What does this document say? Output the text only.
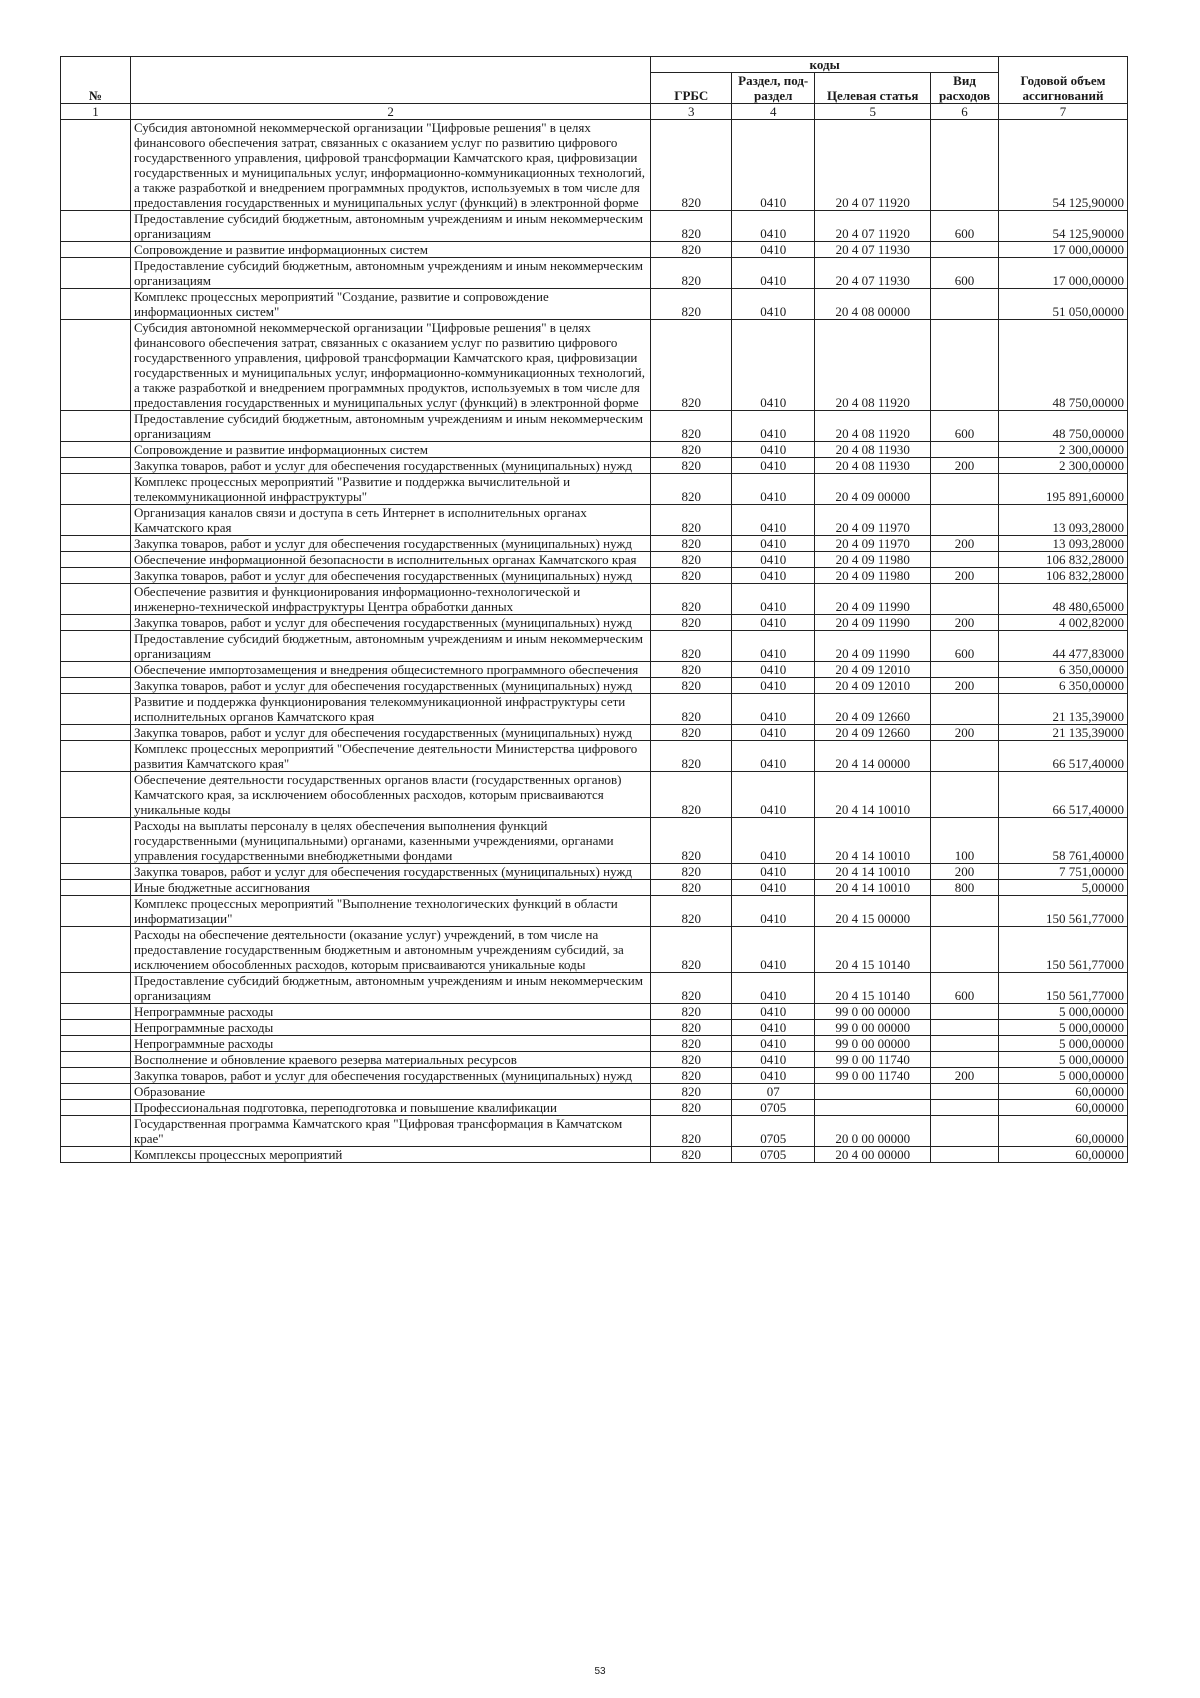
№		коды				Годовой объем ассигнований
		ГРБС	Раздел, под-раздел	Целевая статья	Вид расходов	
1	2	3	4	5	6	7
	Субсидия автономной некоммерческой организации "Цифровые решения" в целях финансового обеспечения затрат, связанных с оказанием услуг по развитию цифрового государственного управления, цифровой трансформации Камчатского края, цифровизации государственных и муниципальных услуг, информационно-коммуникационных технологий, а также разработкой и внедрением программных продуктов, используемых в том числе для предоставления государственных и муниципальных услуг (функций) в электронной форме	820	0410	20 4 07 11920		54 125,90000
	Предоставление субсидий бюджетным, автономным учреждениям и иным некоммерческим организациям	820	0410	20 4 07 11920	600	54 125,90000
	Сопровождение и развитие информационных систем	820	0410	20 4 07 11930		17 000,00000
	Предоставление субсидий бюджетным, автономным учреждениям и иным некоммерческим организациям	820	0410	20 4 07 11930	600	17 000,00000
	Комплекс процессных мероприятий "Создание, развитие и сопровождение информационных систем"	820	0410	20 4 08 00000		51 050,00000
	Субсидия автономной некоммерческой организации "Цифровые решения" в целях финансового обеспечения затрат, связанных с оказанием услуг по развитию цифрового государственного управления, цифровой трансформации Камчатского края, цифровизации государственных и муниципальных услуг, информационно-коммуникационных технологий, а также разработкой и внедрением программных продуктов, используемых в том числе для предоставления государственных и муниципальных услуг (функций) в электронной форме	820	0410	20 4 08 11920		48 750,00000
	Предоставление субсидий бюджетным, автономным учреждениям и иным некоммерческим организациям	820	0410	20 4 08 11920	600	48 750,00000
	Сопровождение и развитие информационных систем	820	0410	20 4 08 11930		2 300,00000
	Закупка товаров, работ и услуг для обеспечения государственных (муниципальных) нужд	820	0410	20 4 08 11930	200	2 300,00000
	Комплекс процессных мероприятий "Развитие и поддержка вычислительной и телекоммуникационной инфраструктуры"	820	0410	20 4 09 00000		195 891,60000
	Организация каналов связи и доступа в сеть Интернет в исполнительных органах Камчатского края	820	0410	20 4 09 11970		13 093,28000
	Закупка товаров, работ и услуг для обеспечения государственных (муниципальных) нужд	820	0410	20 4 09 11970	200	13 093,28000
	Обеспечение информационной безопасности в исполнительных органах Камчатского края	820	0410	20 4 09 11980		106 832,28000
	Закупка товаров, работ и услуг для обеспечения государственных (муниципальных) нужд	820	0410	20 4 09 11980	200	106 832,28000
	Обеспечение развития и функционирования информационно-технологической и инженерно-технической инфраструктуры Центра обработки данных	820	0410	20 4 09 11990		48 480,65000
	Закупка товаров, работ и услуг для обеспечения государственных (муниципальных) нужд	820	0410	20 4 09 11990	200	4 002,82000
	Предоставление субсидий бюджетным, автономным учреждениям и иным некоммерческим организациям	820	0410	20 4 09 11990	600	44 477,83000
	Обеспечение импортозамещения и внедрения общесистемного программного обеспечения	820	0410	20 4 09 12010		6 350,00000
	Закупка товаров, работ и услуг для обеспечения государственных (муниципальных) нужд	820	0410	20 4 09 12010	200	6 350,00000
	Развитие и поддержка функционирования телекоммуникационной инфраструктуры сети исполнительных органов Камчатского края	820	0410	20 4 09 12660		21 135,39000
	Закупка товаров, работ и услуг для обеспечения государственных (муниципальных) нужд	820	0410	20 4 09 12660	200	21 135,39000
	Комплекс процессных мероприятий "Обеспечение деятельности Министерства цифрового развития Камчатского края"	820	0410	20 4 14 00000		66 517,40000
	Обеспечение деятельности государственных органов власти (государственных органов) Камчатского края, за исключением обособленных расходов, которым присваиваются уникальные коды	820	0410	20 4 14 10010		66 517,40000
	Расходы на выплаты персоналу в целях обеспечения выполнения функций государственными (муниципальными) органами, казенными учреждениями, органами управления государственными внебюджетными фондами	820	0410	20 4 14 10010	100	58 761,40000
	Закупка товаров, работ и услуг для обеспечения государственных (муниципальных) нужд	820	0410	20 4 14 10010	200	7 751,00000
	Иные бюджетные ассигнования	820	0410	20 4 14 10010	800	5,00000
	Комплекс процессных мероприятий "Выполнение технологических функций в области информатизации"	820	0410	20 4 15 00000		150 561,77000
	Расходы на обеспечение деятельности (оказание услуг) учреждений, в том числе на предоставление государственным бюджетным и автономным учреждениям субсидий, за исключением обособленных расходов, которым присваиваются уникальные коды	820	0410	20 4 15 10140		150 561,77000
	Предоставление субсидий бюджетным, автономным учреждениям и иным некоммерческим организациям	820	0410	20 4 15 10140	600	150 561,77000
	Непрограммные расходы	820	0410	99 0 00 00000		5 000,00000
	Непрограммные расходы	820	0410	99 0 00 00000		5 000,00000
	Непрограммные расходы	820	0410	99 0 00 00000		5 000,00000
	Восполнение и обновление краевого резерва материальных ресурсов	820	0410	99 0 00 11740		5 000,00000
	Закупка товаров, работ и услуг для обеспечения государственных (муниципальных) нужд	820	0410	99 0 00 11740	200	5 000,00000
	Образование	820	07			60,00000
	Профессиональная подготовка, переподготовка и повышение квалификации	820	0705			60,00000
	Государственная программа Камчатского края "Цифровая трансформация в Камчатском крае"	820	0705	20 0 00 00000		60,00000
	Комплексы процессных мероприятий	820	0705	20 4 00 00000		60,00000
53
